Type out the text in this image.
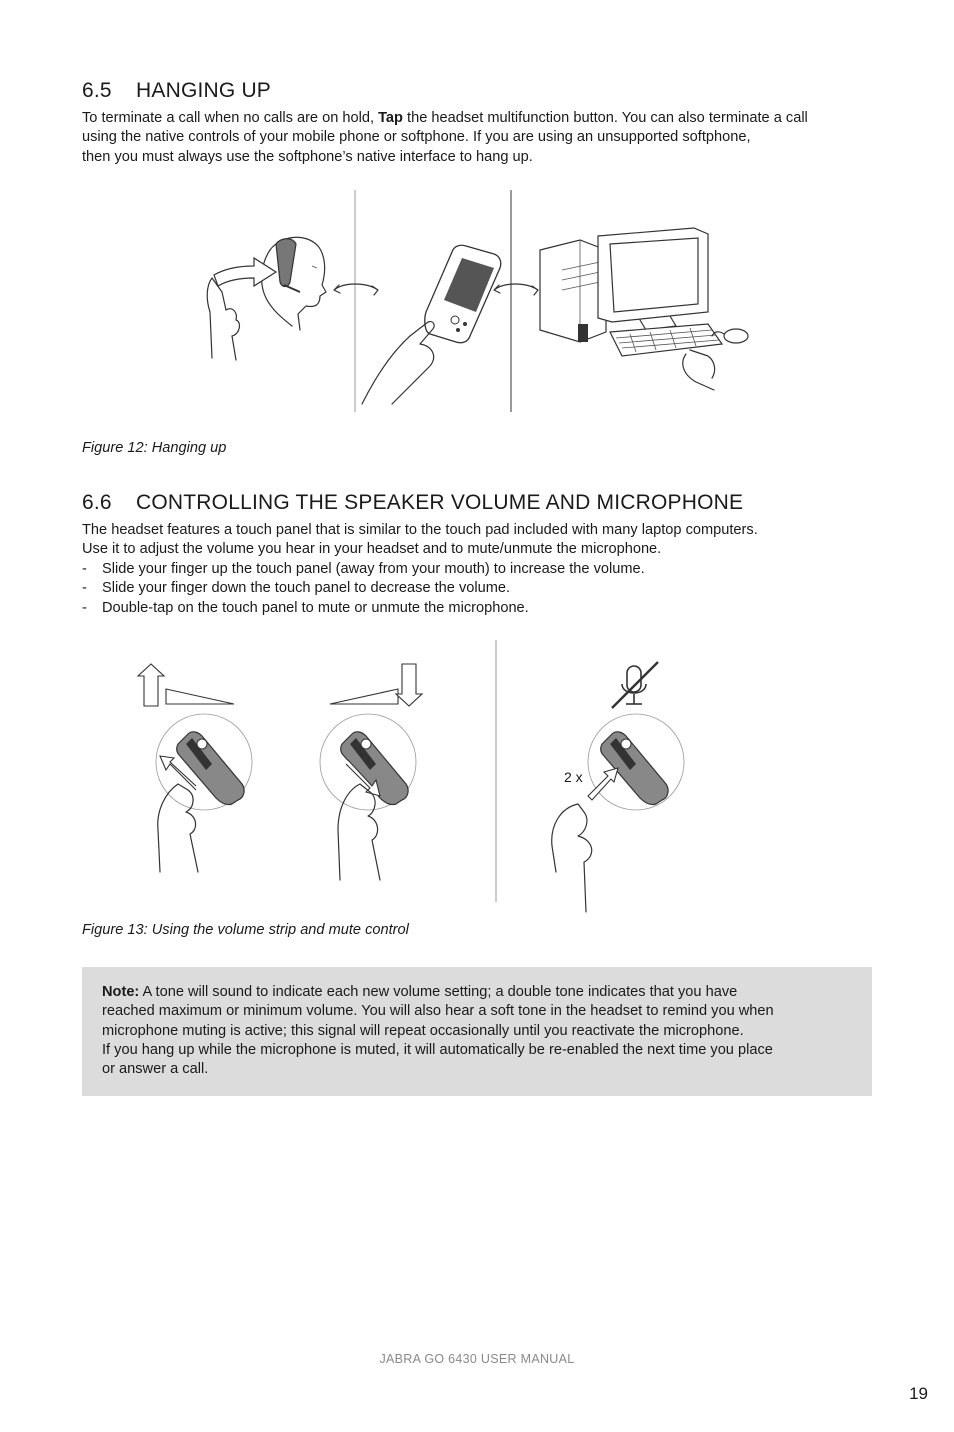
6.5 HANGING UP

To terminate a call when no calls are on hold, Tap the headset multifunction button. You can also terminate a call

using the native controls of your mobile phone or softphone. If you are using an unsupported softphone,

then you must always use the softphone’s native interface to hang up.

Figure 12: Hanging up
6.6 CONTROLLING THE SPEAKER VOLUME AND MICROPHONE

The headset features a touch panel that is similar to the touch pad included with many laptop computers.

Use it to adjust the volume you hear in your headset and to mute/unmute the microphone.

- Slide your finger up the touch panel (away from your mouth) to increase the volume.
- Slide your finger down the touch panel to decrease the volume.
- Double-tap on the touch panel to mute or unmute the microphone.
2 x
Figure 13: Using the volume strip and mute control

Note: A tone will sound to indicate each new volume setting; a double tone indicates that you have

reached maximum or minimum volume. You will also hear a soft tone in the headset to remind you when

microphone muting is active; this signal will repeat occasionally until you reactivate the microphone.

If you hang up while the microphone is muted, it will automatically be re-enabled the next time you place

or answer a call.

JABRA GO 6430 USER MANUAL
19
